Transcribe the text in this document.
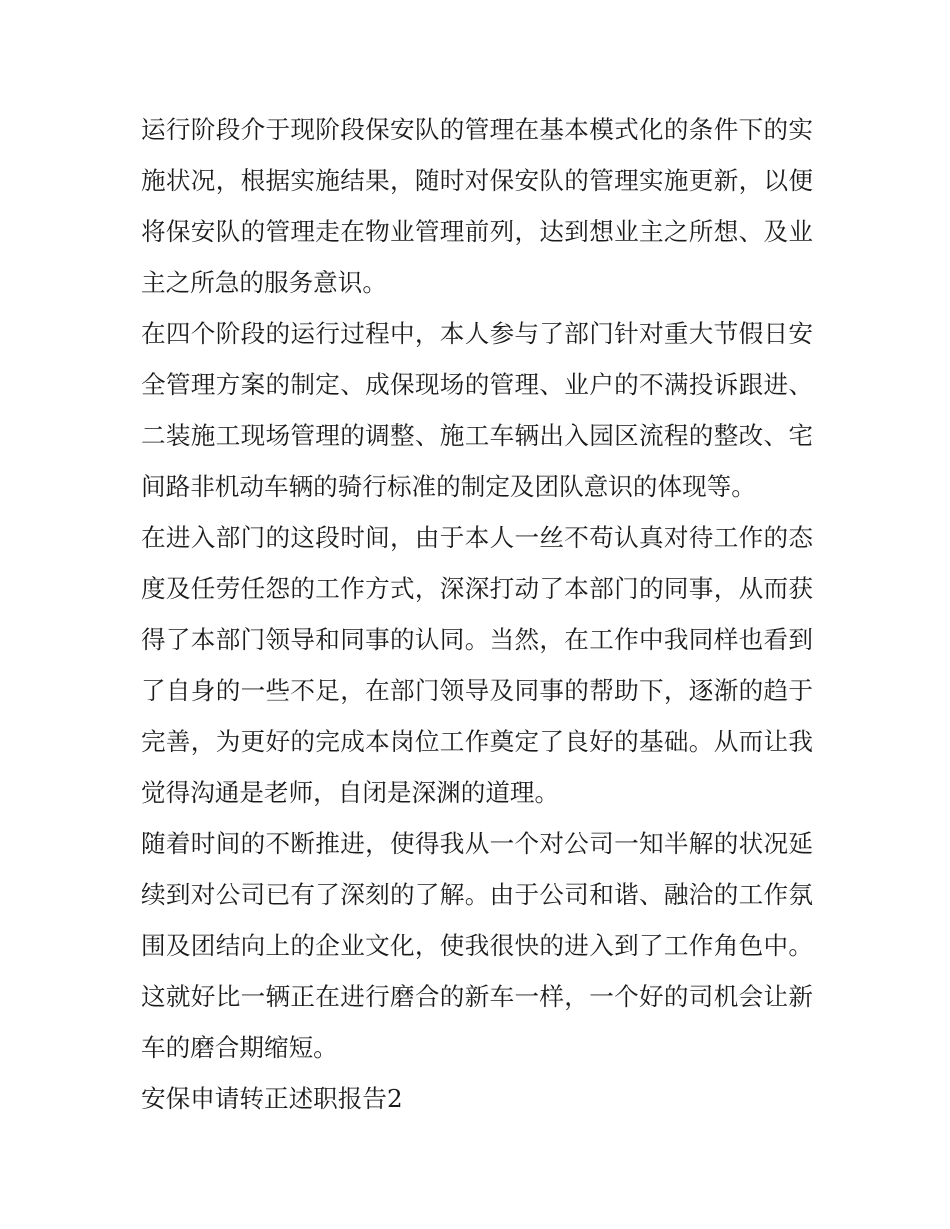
运行阶段介于现阶段保安队的管理在基本模式化的条件下的实施状况，根据实施结果，随时对保安队的管理实施更新，以便将保安队的管理走在物业管理前列，达到想业主之所想、及业主之所急的服务意识。

在四个阶段的运行过程中，本人参与了部门针对重大节假日安全管理方案的制定、成保现场的管理、业户的不满投诉跟进、二装施工现场管理的调整、施工车辆出入园区流程的整改、宅间路非机动车辆的骑行标准的制定及团队意识的体现等。

在进入部门的这段时间，由于本人一丝不苟认真对待工作的态度及任劳任怨的工作方式，深深打动了本部门的同事，从而获得了本部门领导和同事的认同。当然，在工作中我同样也看到了自身的一些不足，在部门领导及同事的帮助下，逐渐的趋于完善，为更好的完成本岗位工作奠定了良好的基础。从而让我觉得沟通是老师，自闭是深渊的道理。

随着时间的不断推进，使得我从一个对公司一知半解的状况延续到对公司已有了深刻的了解。由于公司和谐、融洽的工作氛围及团结向上的企业文化，使我很快的进入到了工作角色中。这就好比一辆正在进行磨合的新车一样，一个好的司机会让新车的磨合期缩短。

安保申请转正述职报告2
